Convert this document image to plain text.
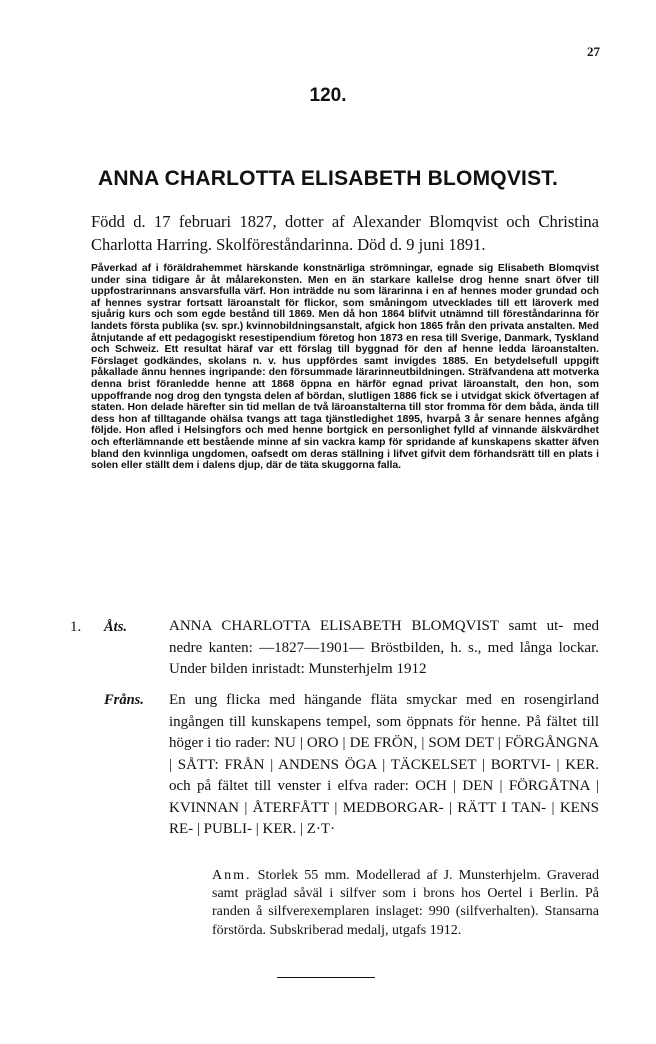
27
120.
ANNA CHARLOTTA ELISABETH BLOMQVIST.
Född d. 17 februari 1827, dotter af Alexander Blomqvist och Christina Charlotta Harring. Skolföreståndarinna. Död d. 9 juni 1891.
Påverkad af i föräldrahemmet härskande konstnärliga strömningar, egnade sig Elisabeth Blomqvist under sina tidigare år åt målarekonsten. Men en än starkare kallelse drog henne snart öfver till uppfostrarinnans ansvarsfulla värf. Hon inträdde nu som lärarinna i en af hennes moder grundad och af hennes systrar fortsatt läroanstalt för flickor, som småningom utvecklades till ett läroverk med sjuårig kurs och som egde bestånd till 1869. Men då hon 1864 blifvit utnämnd till föreståndarinna för landets första publika (sv. spr.) kvinnobildningsanstalt, afgick hon 1865 från den privata anstalten. Med åtnjutande af ett pedagogiskt resestipendium företog hon 1873 en resa till Sverige, Danmark, Tyskland och Schweiz. Ett resultat häraf var ett förslag till byggnad för den af henne ledda läroanstalten. Förslaget godkändes, skolans n. v. hus uppfördes samt invigdes 1885. En betydelsefull uppgift påkallade ännu hennes ingripande: den försummade lärarinneutbildningen. Sträfvandena att motverka denna brist föranledde henne att 1868 öppna en härför egnad privat läroanstalt, den hon, som uppoffrande nog drog den tyngsta delen af bördan, slutligen 1886 fick se i utvidgat skick öfvertagen af staten. Hon delade härefter sin tid mellan de två läroanstalterna till stor fromma för dem båda, ända till dess hon af tilltagande ohälsa tvangs att taga tjänstledighet 1895, hvarpå 3 år senare hennes afgång följde. Hon afled i Helsingfors och med henne bortgick en personlighet fylld af vinnande älskvärdhet och efterlämnande ett bestående minne af sin vackra kamp för spridande af kunskapens skatter äfven bland den kvinnliga ungdomen, oafsedt om deras ställning i lifvet gifvit dem förhandsrätt till en plats i solen eller ställt dem i dalens djup, där de täta skuggorna falla.
1. Åts.	ANNA CHARLOTTA ELISABETH BLOMQVIST samt ut- med nedre kanten: —1827—1901— Bröstbilden, h. s., med långa lockar. Under bilden inristadt: Munsterhjelm 1912
Fråns. En ung flicka med hängande fläta smyckar med en rosengirland ingången till kunskapens tempel, som öppnats för henne. På fältet till höger i tio rader: NU | ORO | DE FRÖN, | SOM DET | FÖRGÅNGNA | SÅTT: FRÅN | ANDENS ÖGA | TÄCKELSET | BORTVI- | KER. och på fältet till venster i elfva rader: OCH | DEN | FÖRGÅTNA | KVINNAN | ÅTERFÅTT | MEDBORGAR- | RÄTT I TAN- | KENS RE- | PUBLI- | KER. | Z·T·
Anm. Storlek 55 mm. Modellerad af J. Munsterhjelm. Graverad samt präglad såväl i silfver som i brons hos Oertel i Berlin. På randen å silfverexemplaren inslaget: 990 (silfverhalten). Stansarna förstörda. Subskriberad medalj, utgafs 1912.
